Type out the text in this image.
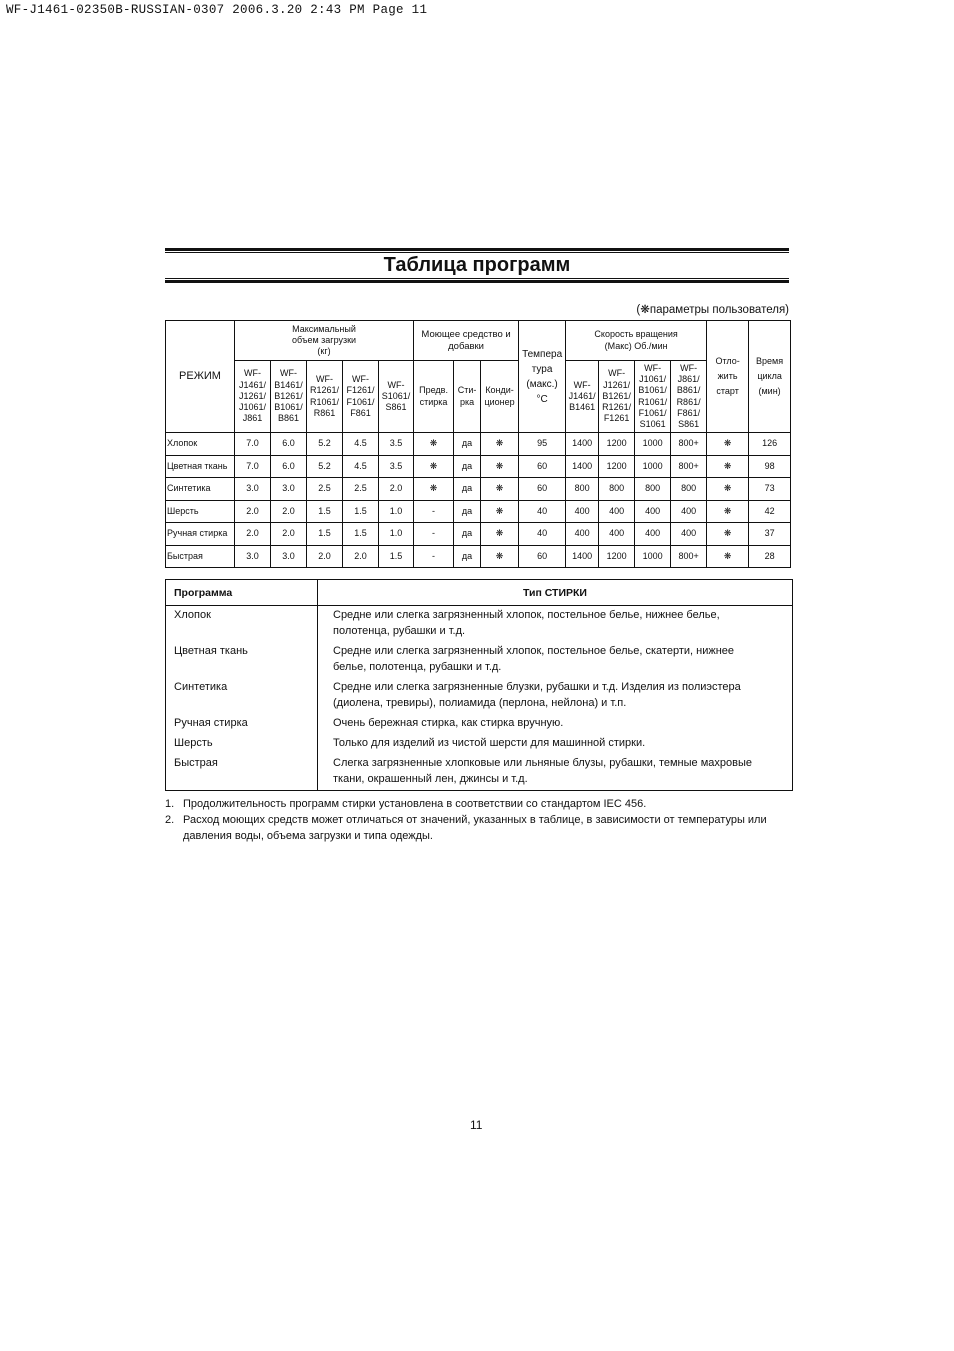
WF-J1461-02350B-RUSSIAN-0307 2006.3.20 2:43 PM Page 11
Таблица программ
(❋параметры пользователя)
РЕЖИМ	Максимальный объем загрузки (кг)					Моющее средство и добавки			Темпера тура (макс.) °C	Скорость вращения (Макс) Об./мин				Отло- жить старт	Время цикла (мин)
	WF- J1461/ J1261/ J1061/ J861	WF- B1461/ B1261/ B1061/ B861	WF- R1261/ R1061/ R861	WF- F1261/ F1061/ F861	WF- S1061/ S861	Предв. стирка	Сти- рка	Конди- ционер		WF- J1461/ B1461	WF- J1261/ B1261/ R1261/ F1261	WF- J1061/ B1061/ R1061/ F1061/ S1061	WF- J861/ B861/ R861/ F861/ S861		
Хлопок	7.0	6.0	5.2	4.5	3.5	❋	да	❋	95	1400	1200	1000	800+	❋	126
Цветная ткань	7.0	6.0	5.2	4.5	3.5	❋	да	❋	60	1400	1200	1000	800+	❋	98
Синтетика	3.0	3.0	2.5	2.5	2.0	❋	да	❋	60	800	800	800	800	❋	73
Шерсть	2.0	2.0	1.5	1.5	1.0	-	да	❋	40	400	400	400	400	❋	42
Ручная стирка	2.0	2.0	1.5	1.5	1.0	-	да	❋	40	400	400	400	400	❋	37
Быстрая	3.0	3.0	2.0	2.0	1.5	-	да	❋	60	1400	1200	1000	800+	❋	28
Программа	Тип СТИРКИ
Хлопок	Средне или слегка загрязненный хлопок, постельное белье, нижнее белье, полотенца, рубашки и т.д.
Цветная ткань	Средне или слегка загрязненный хлопок, постельное белье, скатерти, нижнее белье, полотенца, рубашки и т.д.
Синтетика	Средне или слегка загрязненные блузки, рубашки и т.д. Изделия из полиэстера (диолена, тревиры), полиамида (перлона, нейлона) и т.п.
Ручная стирка	Очень бережная стирка, как стирка вручную.
Шерсть	Только для изделий из чистой шерсти для машинной стирки.
Быстрая	Слегка загрязненные хлопковые или льняные блузы, рубашки, темные махровые ткани, окрашенный лен, джинсы и т.д.
1. Продолжительность программ стирки установлена в соответствии со стандартом IEC 456.
2. Расход моющих средств может отличаться от значений, указанных в таблице, в зависимости от температуры или давления воды, объема загрузки и типа одежды.
11
